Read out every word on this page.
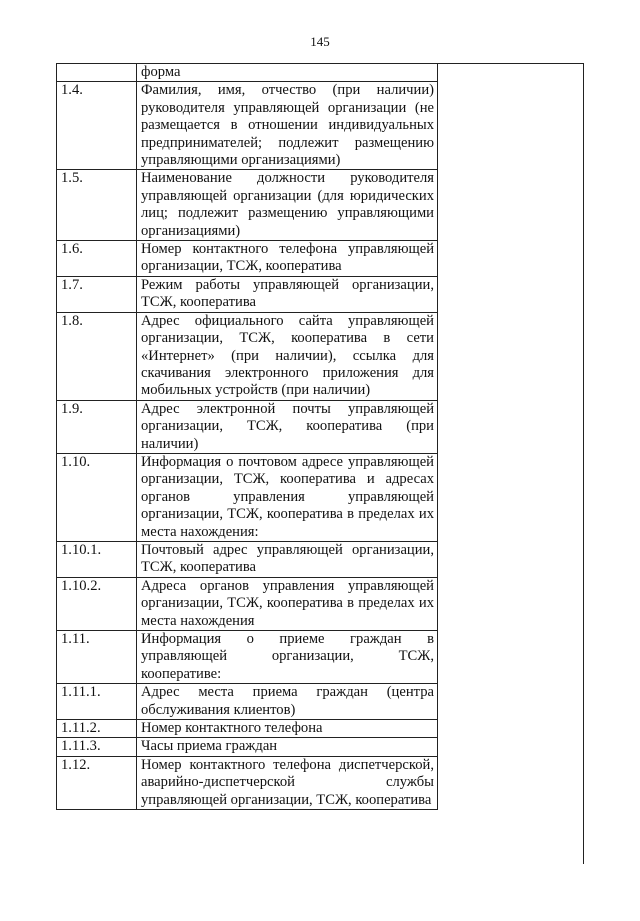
145
	форма
1.4.	Фамилия, имя, отчество (при наличии) руководителя управляющей организации (не размещается в отношении индивидуальных предпринимателей; подлежит размещению управляющими организациями)
1.5.	Наименование должности руководителя управляющей организации (для юридических лиц; подлежит размещению управляющими организациями)
1.6.	Номер контактного телефона управляющей организации, ТСЖ, кооператива
1.7.	Режим работы управляющей организации, ТСЖ, кооператива
1.8.	Адрес официального сайта управляющей организации, ТСЖ, кооператива в сети «Интернет» (при наличии), ссылка для скачивания электронного приложения для мобильных устройств (при наличии)
1.9.	Адрес электронной почты управляющей организации, ТСЖ, кооператива (при наличии)
1.10.	Информация о почтовом адресе управляющей организации, ТСЖ, кооператива и адресах органов управления управляющей организации, ТСЖ, кооператива в пределах их места нахождения:
1.10.1.	Почтовый адрес управляющей организации, ТСЖ, кооператива
1.10.2.	Адреса органов управления управляющей организации, ТСЖ, кооператива в пределах их места нахождения
1.11.	Информация о приеме граждан в управляющей организации, ТСЖ, кооперативе:
1.11.1.	Адрес места приема граждан (центра обслуживания клиентов)
1.11.2.	Номер контактного телефона
1.11.3.	Часы приема граждан
1.12.	Номер контактного телефона диспетчерской, аварийно-диспетчерской службы управляющей организации, ТСЖ, кооператива
